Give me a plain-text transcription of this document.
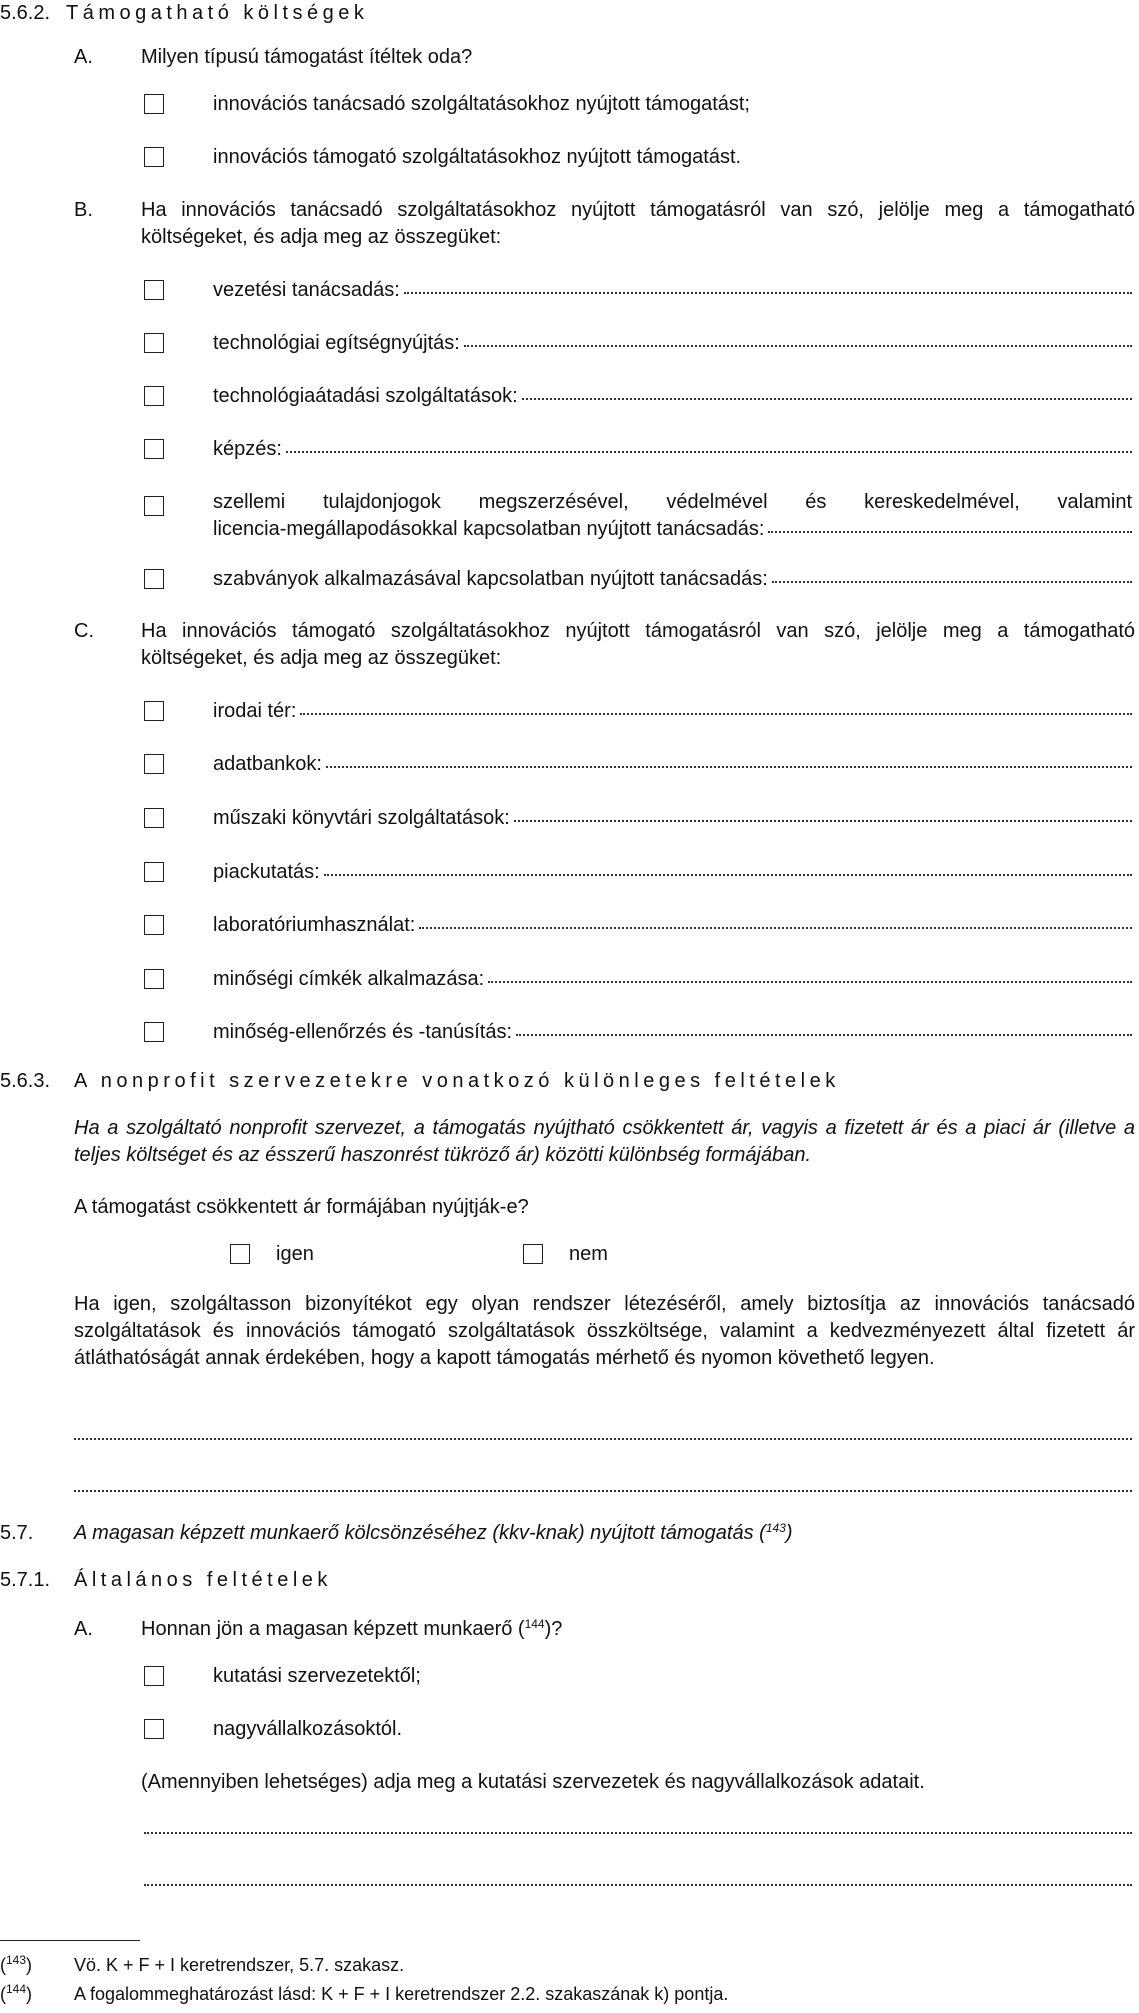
5.6.2. Támogatható költségek
A. Milyen típusú támogatást ítéltek oda?
innovációs tanácsadó szolgáltatásokhoz nyújtott támogatást;
innovációs támogató szolgáltatásokhoz nyújtott támogatást.
B. Ha innovációs tanácsadó szolgáltatásokhoz nyújtott támogatásról van szó, jelölje meg a támogatható költségeket, és adja meg az összegüket:
vezetési tanácsadás:
technológiai egítségnyújtás:
technológiaátadási szolgáltatások:
képzés:
szellemi tulajdonjogok megszerzésével, védelmével és kereskedelmével, valamint
licencia-megállapodásokkal kapcsolatban nyújtott tanácsadás:
szabványok alkalmazásával kapcsolatban nyújtott tanácsadás:
C. Ha innovációs támogató szolgáltatásokhoz nyújtott támogatásról van szó, jelölje meg a támogatható költségeket, és adja meg az összegüket:
irodai tér:
adatbankok:
műszaki könyvtári szolgáltatások:
piackutatás:
laboratóriumhasználat:
minőségi címkék alkalmazása:
minőség-ellenőrzés és -tanúsítás:
5.6.3. A nonprofit szervezetekre vonatkozó különleges feltételek
Ha a szolgáltató nonprofit szervezet, a támogatás nyújtható csökkentett ár, vagyis a fizetett ár és a piaci ár (illetve a teljes költséget és az ésszerű haszonrést tükröző ár) közötti különbség formájában.
A támogatást csökkentett ár formájában nyújtják-e?
igen	nem
Ha igen, szolgáltasson bizonyítékot egy olyan rendszer létezéséről, amely biztosítja az innovációs tanácsadó szolgáltatások és innovációs támogató szolgáltatások összköltsége, valamint a kedvezményezett által fizetett ár átláthatóságát annak érdekében, hogy a kapott támogatás mérhető és nyomon követhető legyen.
5.7. A magasan képzett munkaerő kölcsönzéséhez (kkv-knak) nyújtott támogatás ($^{143}$)
5.7.1. Általános feltételek
A. Honnan jön a magasan képzett munkaerő ($^{144}$)?
kutatási szervezetektől;
nagyvállalkozásoktól.
(Amennyiben lehetséges) adja meg a kutatási szervezetek és nagyvállalkozások adatait.
($^{143}$) Vö. K + F + I keretrendszer, 5.7. szakasz.
($^{144}$) A fogalommeghatározást lásd: K + F + I keretrendszer 2.2. szakaszának k) pontja.
